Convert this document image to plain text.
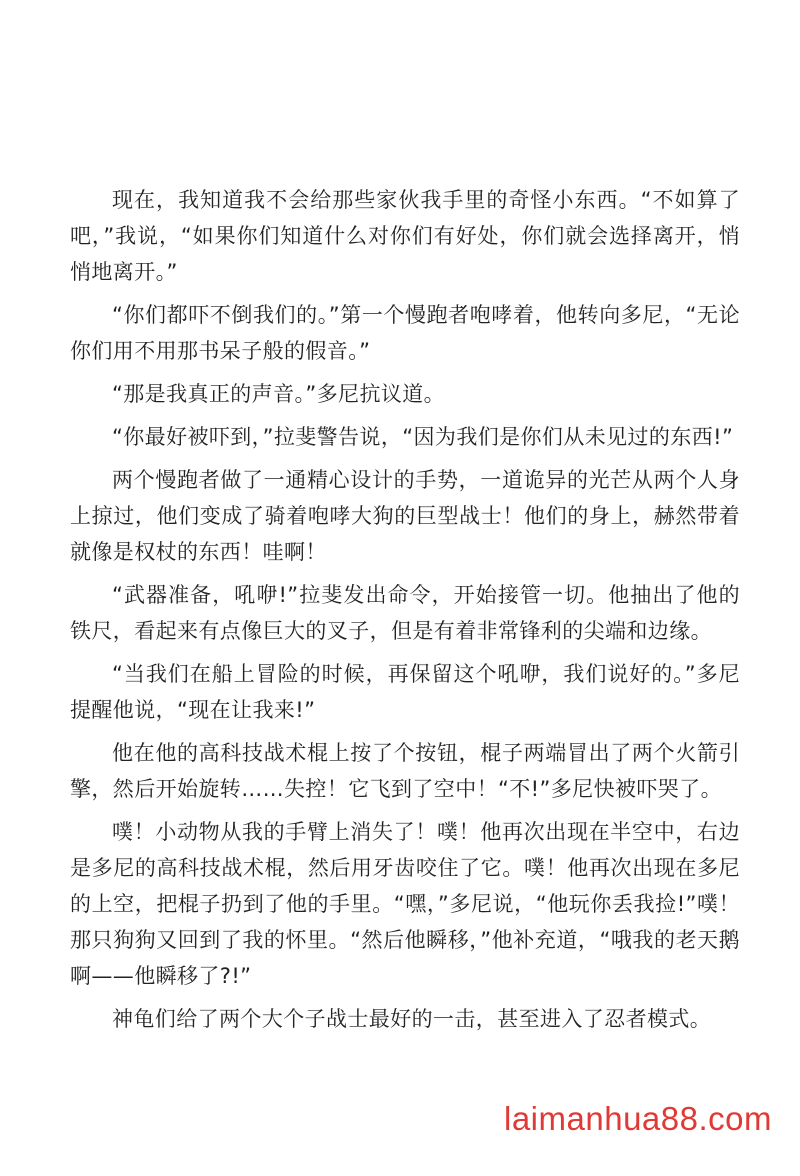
现在，我知道我不会给那些家伙我手里的奇怪小东西。“不如算了吧，”我说，“如果你们知道什么对你们有好处，你们就会选择离开，悄悄地离开。”

“你们都吓不倒我们的。”第一个慢跑者咆哮着，他转向多尼，“无论你们用不用那书呆子般的假音。”

“那是我真正的声音。”多尼抗议道。

“你最好被吓到，”拉斐警告说，“因为我们是你们从未见过的东西!”

两个慢跑者做了一通精心设计的手势，一道诡异的光芒从两个人身上掠过，他们变成了骑着咆哮大狗的巨型战士！他们的身上，赫然带着就像是权杖的东西！哇啊！

“武器准备，吼咿!”拉斐发出命令，开始接管一切。他抽出了他的铁尺，看起来有点像巨大的叉子，但是有着非常锋利的尖端和边缘。

“当我们在船上冒险的时候，再保留这个吼咿，我们说好的。”多尼提醒他说，“现在让我来!”

他在他的高科技战术棍上按了个按钮，棍子两端冒出了两个火箭引擎，然后开始旋转……失控！它飞到了空中！“不!”多尼快被吓哭了。

噗！小动物从我的手臂上消失了！噗！他再次出现在半空中，右边是多尼的高科技战术棍，然后用牙齿咬住了它。噗！他再次出现在多尼的上空，把棍子扔到了他的手里。“嘿，”多尼说，“他玩你丢我捡!”噗！那只狗狗又回到了我的怀里。“然后他瞬移，”他补充道，“哦我的老天鹅啊——他瞬移了?!”

神龟们给了两个大个子战士最好的一击，甚至进入了忍者模式。

laimanhua88.com
